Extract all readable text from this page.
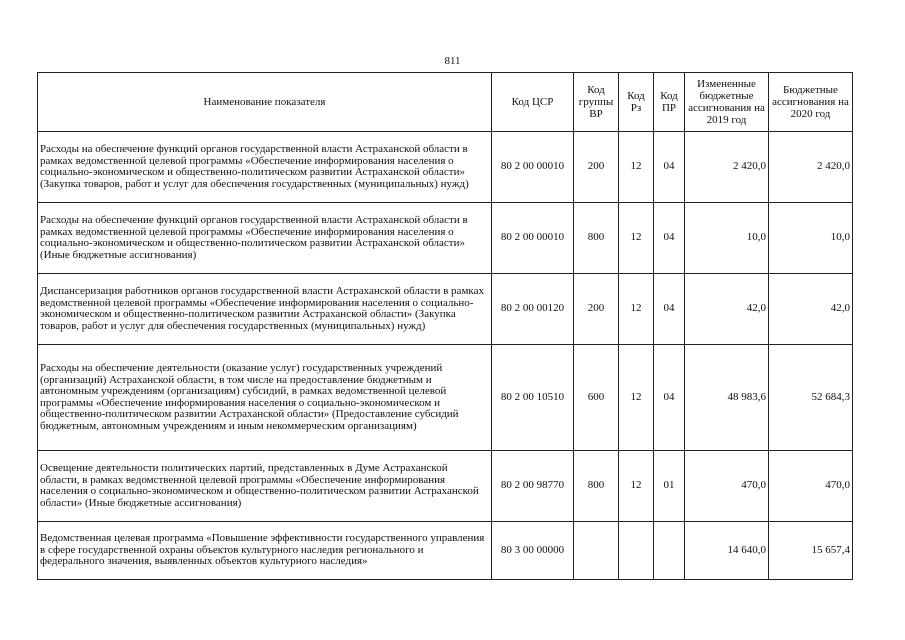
811
Наименование показателя	Код ЦСР	Код группы ВР	Код Рз	Код ПР	Измененные бюджетные ассигнования на 2019 год	Бюджетные ассигнования на 2020 год
Расходы на обеспечение функций органов государственной власти Астраханской области в рамках ведомственной целевой программы «Обеспечение информирования населения о социально-экономическом и общественно-политическом развитии Астраханской области» (Закупка товаров, работ и услуг для обеспечения государственных (муниципальных) нужд)	80 2 00 00010	200	12	04	2 420,0	2 420,0
Расходы на обеспечение функций органов государственной власти Астраханской области в рамках ведомственной целевой программы «Обеспечение информирования населения о социально-экономическом и общественно-политическом развитии Астраханской области» (Иные бюджетные ассигнования)	80 2 00 00010	800	12	04	10,0	10,0
Диспансеризация работников органов государственной власти Астраханской области в рамках ведомственной целевой программы «Обеспечение информирования населения о социально-экономическом и общественно-политическом развитии Астраханской области» (Закупка товаров, работ и услуг для обеспечения государственных (муниципальных) нужд)	80 2 00 00120	200	12	04	42,0	42,0
Расходы на обеспечение деятельности (оказание услуг) государственных учреждений (организаций) Астраханской области, в том числе на предоставление бюджетным и автономным учреждениям (организациям) субсидий, в рамках ведомственной целевой программы «Обеспечение информирования населения о социально-экономическом и общественно-политическом развитии Астраханской области» (Предоставление субсидий бюджетным, автономным учреждениям и иным некоммерческим организациям)	80 2 00 10510	600	12	04	48 983,6	52 684,3
Освещение деятельности политических партий, представленных в Думе Астраханской области, в рамках ведомственной целевой программы «Обеспечение информирования населения о социально-экономическом и общественно-политическом развитии Астраханской области» (Иные бюджетные ассигнования)	80 2 00 98770	800	12	01	470,0	470,0
Ведомственная целевая программа «Повышение эффективности государственного управления в сфере государственной охраны объектов культурного наследия регионального и федерального значения, выявленных объектов культурного наследия»	80 3 00 00000				14 640,0	15 657,4
